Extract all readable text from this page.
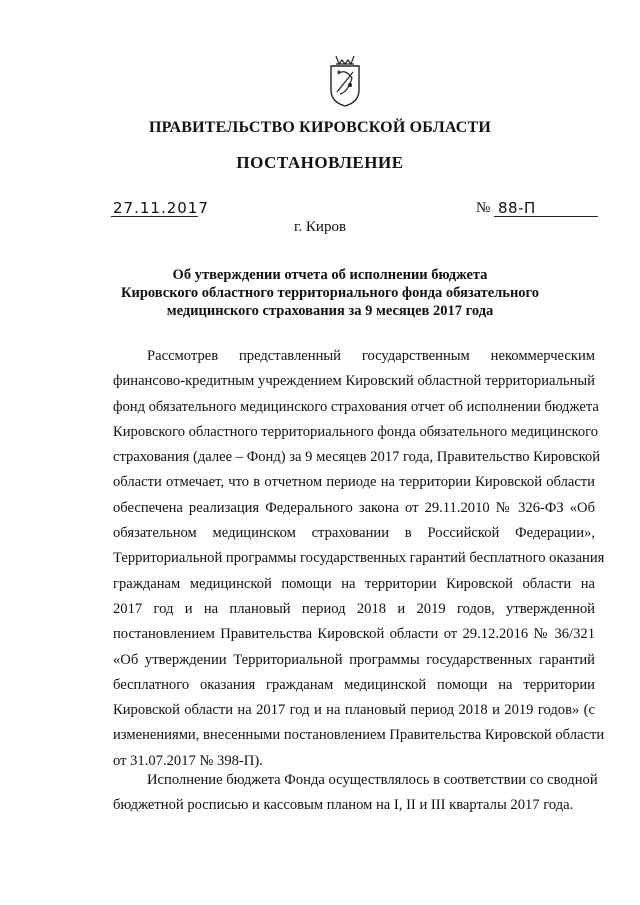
ПРАВИТЕЛЬСТВО КИРОВСКОЙ ОБЛАСТИ
ПОСТАНОВЛЕНИЕ
27.11.2017	№ 88-П
г. Киров
Об утверждении отчета об исполнении бюджета
Кировского областного территориального фонда обязательного
медицинского страхования за 9 месяцев 2017 года
Рассмотрев представленный государственным некоммерческим
финансово-кредитным учреждением Кировский областной территориальный
фонд обязательного медицинского страхования отчет об исполнении бюджета
Кировского областного территориального фонда обязательного медицинского
страхования (далее – Фонд) за 9 месяцев 2017 года, Правительство Кировской
области отмечает, что в отчетном периоде на территории Кировской области
обеспечена реализация Федерального закона от 29.11.2010 № 326-ФЗ «Об
обязательном медицинском страховании в Российской Федерации»,
Территориальной программы государственных гарантий бесплатного оказания
гражданам медицинской помощи на территории Кировской области на
2017 год и на плановый период 2018 и 2019 годов, утвержденной
постановлением Правительства Кировской области от 29.12.2016 № 36/321
«Об утверждении Территориальной программы государственных гарантий
бесплатного оказания гражданам медицинской помощи на территории
Кировской области на 2017 год и на плановый период 2018 и 2019 годов» (с
изменениями, внесенными постановлением Правительства Кировской области
от 31.07.2017 № 398-П).
Исполнение бюджета Фонда осуществлялось в соответствии со сводной
бюджетной росписью и кассовым планом на I, II и III кварталы 2017 года.
